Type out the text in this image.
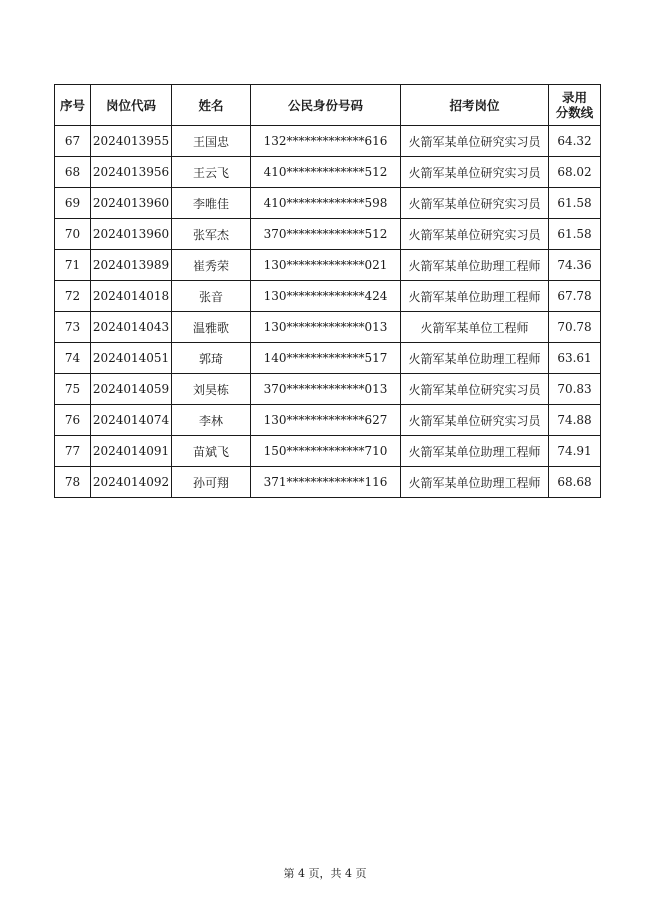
序号	岗位代码	姓名	公民身份号码	招考岗位	录用
分数线

67	2024013955	王国忠	132*************616	火箭军某单位研究实习员	64.32
68	2024013956	王云飞	410*************512	火箭军某单位研究实习员	68.02
69	2024013960	李唯佳	410*************598	火箭军某单位研究实习员	61.58
70	2024013960	张军杰	370*************512	火箭军某单位研究实习员	61.58
71	2024013989	崔秀荣	130*************021	火箭军某单位助理工程师	74.36
72	2024014018	张音	130*************424	火箭军某单位助理工程师	67.78
73	2024014043	温雅歌	130*************013	火箭军某单位工程师	70.78
74	2024014051	郭琦	140*************517	火箭军某单位助理工程师	63.61
75	2024014059	刘昊栋	370*************013	火箭军某单位研究实习员	70.83
76	2024014074	李林	130*************627	火箭军某单位研究实习员	74.88
77	2024014091	苗斌飞	150*************710	火箭军某单位助理工程师	74.91
78	2024014092	孙可翔	371*************116	火箭军某单位助理工程师	68.68
第 4 页，共 4 页
